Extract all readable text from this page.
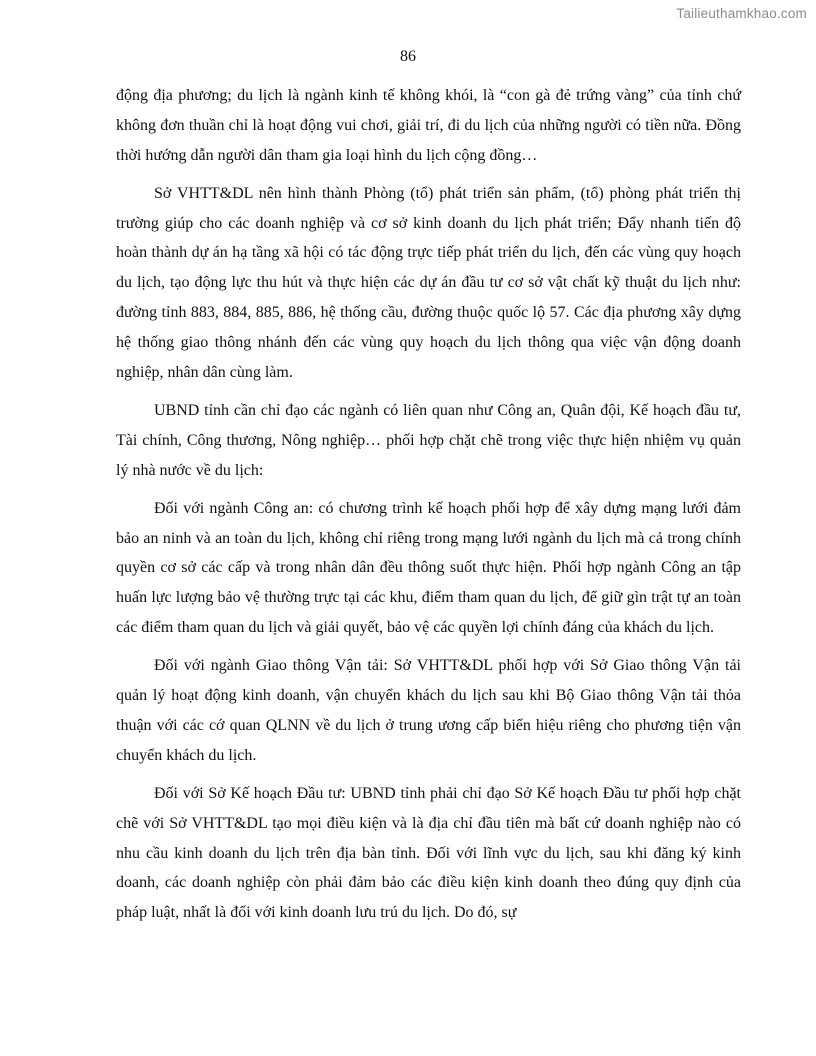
Tailieuthamkhao.com
86

động địa phương; du lịch là ngành kinh tế không khói, là “con gà đẻ trứng vàng” của tỉnh chứ không đơn thuần chỉ là hoạt động vui chơi, giải trí, đi du lịch của những người có tiền nữa. Đồng thời hướng dẫn người dân tham gia loại hình du lịch cộng đồng…

Sở VHTT&DL nên hình thành Phòng (tổ) phát triển sản phẩm, (tổ) phòng phát triển thị trường giúp cho các doanh nghiệp và cơ sở kinh doanh du lịch phát triển; Đẩy nhanh tiến độ hoàn thành dự án hạ tầng xã hội có tác động trực tiếp phát triển du lịch, đến các vùng quy hoạch du lịch, tạo động lực thu hút và thực hiện các dự án đầu tư cơ sở vật chất kỹ thuật du lịch như: đường tỉnh 883, 884, 885, 886, hệ thống cầu, đường thuộc quốc lộ 57. Các địa phương xây dựng hệ thống giao thông nhánh đến các vùng quy hoạch du lịch thông qua việc vận động doanh nghiệp, nhân dân cùng làm.

UBND tỉnh cần chỉ đạo các ngành có liên quan như Công an, Quân đội, Kế hoạch đầu tư, Tài chính, Công thương, Nông nghiệp… phối hợp chặt chẽ trong việc thực hiện nhiệm vụ quản lý nhà nước về du lịch:

Đối với ngành Công an: có chương trình kế hoạch phối hợp để xây dựng mạng lưới đảm bảo an ninh và an toàn du lịch, không chỉ riêng trong mạng lưới ngành du lịch mà cả trong chính quyền cơ sở các cấp và trong nhân dân đều thông suốt thực hiện. Phối hợp ngành Công an tập huấn lực lượng bảo vệ thường trực tại các khu, điểm tham quan du lịch, để giữ gìn trật tự an toàn các điểm tham quan du lịch và giải quyết, bảo vệ các quyền lợi chính đáng của khách du lịch.

Đối với ngành Giao thông Vận tải: Sở VHTT&DL phối hợp với Sở Giao thông Vận tải quản lý hoạt động kinh doanh, vận chuyển khách du lịch sau khi Bộ Giao thông Vận tải thỏa thuận với các cớ quan QLNN về du lịch ở trung ương cấp biển hiệu riêng cho phương tiện vận chuyển khách du lịch.

Đối với Sở Kế hoạch Đầu tư: UBND tỉnh phải chỉ đạo Sở Kế hoạch Đầu tư phối hợp chặt chẽ với Sở VHTT&DL tạo mọi điều kiện và là địa chỉ đầu tiên mà bất cứ doanh nghiệp nào có nhu cầu kinh doanh du lịch trên địa bàn tỉnh. Đối với lĩnh vực du lịch, sau khi đăng ký kinh doanh, các doanh nghiệp còn phải đảm bảo các điều kiện kinh doanh theo đúng quy định của pháp luật, nhất là đối với kinh doanh lưu trú du lịch. Do đó, sự
